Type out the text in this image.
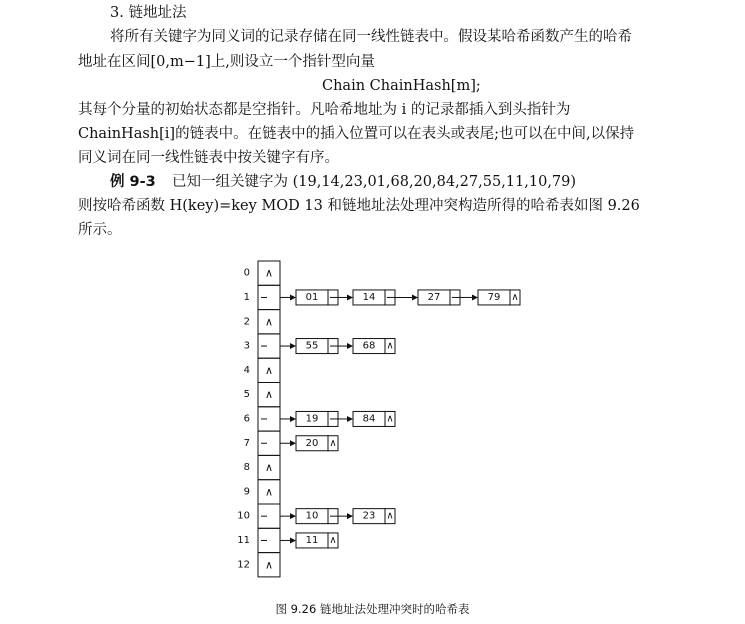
3. 链地址法
将所有关键字为同义词的记录存储在同一线性链表中。假设某哈希函数产生的哈希
地址在区间[0,m−1]上,则设立一个指针型向量
Chain ChainHash[m];
其每个分量的初始状态都是空指针。凡哈希地址为 i 的记录都插入到头指针为
ChainHash[i]的链表中。在链表中的插入位置可以在表头或表尾;也可以在中间,以保持
同义词在同一线性链表中按关键字有序。
例 9-3 已知一组关键字为 (19,14,23,01,68,20,84,27,55,11,10,79)
则按哈希函数 H(key)=key MOD 13 和链地址法处理冲突构造所得的哈希表如图 9.26
所示。
0 ∧
1	01	14	27	79 ∧
2 ∧
3	55	68 ∧
4 ∧
5 ∧
6	19	84 ∧
7	20 ∧
8 ∧
9 ∧
10	10	23 ∧
11	11 ∧
12 ∧
图 9.26 链地址法处理冲突时的哈希表
